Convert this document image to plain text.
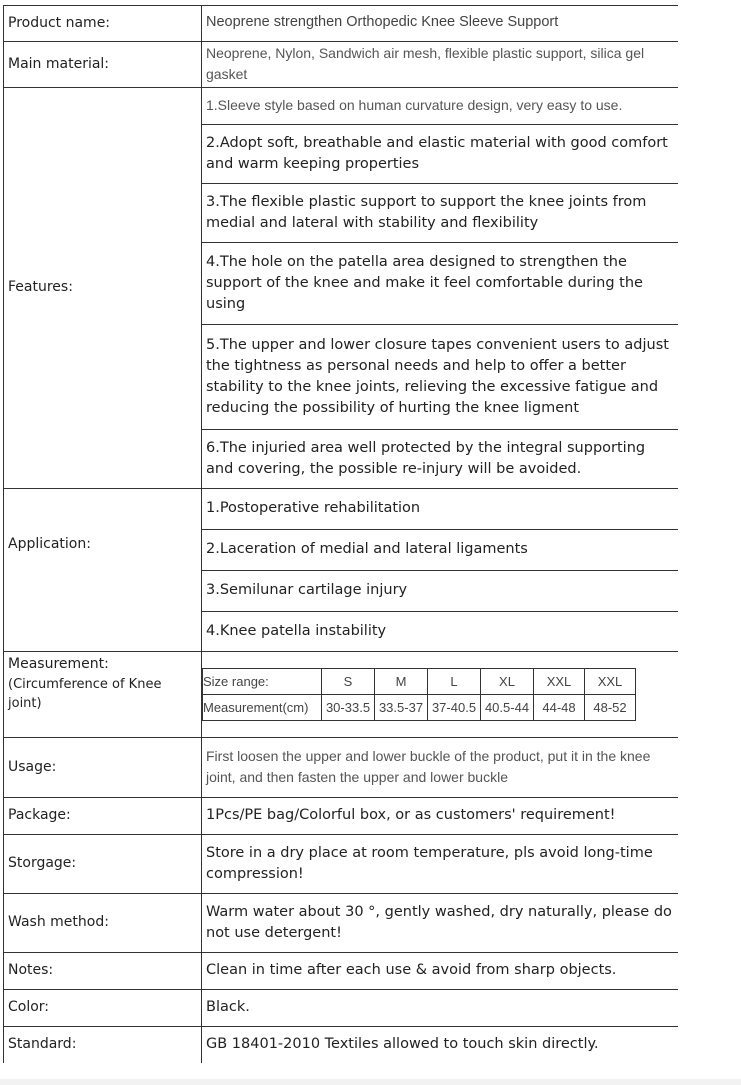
Product name:	Neoprene strengthen Orthopedic Knee Sleeve Support
Main material:
Neoprene, Nylon, Sandwich air mesh, flexible plastic support, silica gel gasket
Features:
1.Sleeve style based on human curvature design, very easy to use.
2.Adopt soft, breathable and elastic material with good comfort and warm keeping properties
3.The flexible plastic support to support the knee joints from medial and lateral with stability and flexibility
4.The hole on the patella area designed to strengthen the support of the knee and make it feel comfortable during the using
5.The upper and lower closure tapes convenient users to adjust the tightness as personal needs and help to offer a better stability to the knee joints, relieving the excessive fatigue and reducing the possibility of hurting the knee ligment
6.The injuried area well protected by the integral supporting and covering, the possible re-injury will be avoided.
Application:
1.Postoperative rehabilitation
2.Laceration of medial and lateral ligaments
3.Semilunar cartilage injury
4.Knee patella instability
Measurement:
(Circumference of Knee joint)
Size range:	S	M	L	XL	XXL	XXL
Measurement(cm)	30-33.5	33.5-37	37-40.5	40.5-44	44-48	48-52
Usage:
First loosen the upper and lower buckle of the product, put it in the knee joint, and then fasten the upper and lower buckle
Package:	1Pcs/PE bag/Colorful box, or as customers' requirement!
Storgage:
Store in a dry place at room temperature, pls avoid long-time compression!
Wash method:
Warm water about 30 °, gently washed, dry naturally, please do not use detergent!
Notes:	Clean in time after each use & avoid from sharp objects.
Color:	Black.
Standard:	GB 18401-2010 Textiles allowed to touch skin directly.
